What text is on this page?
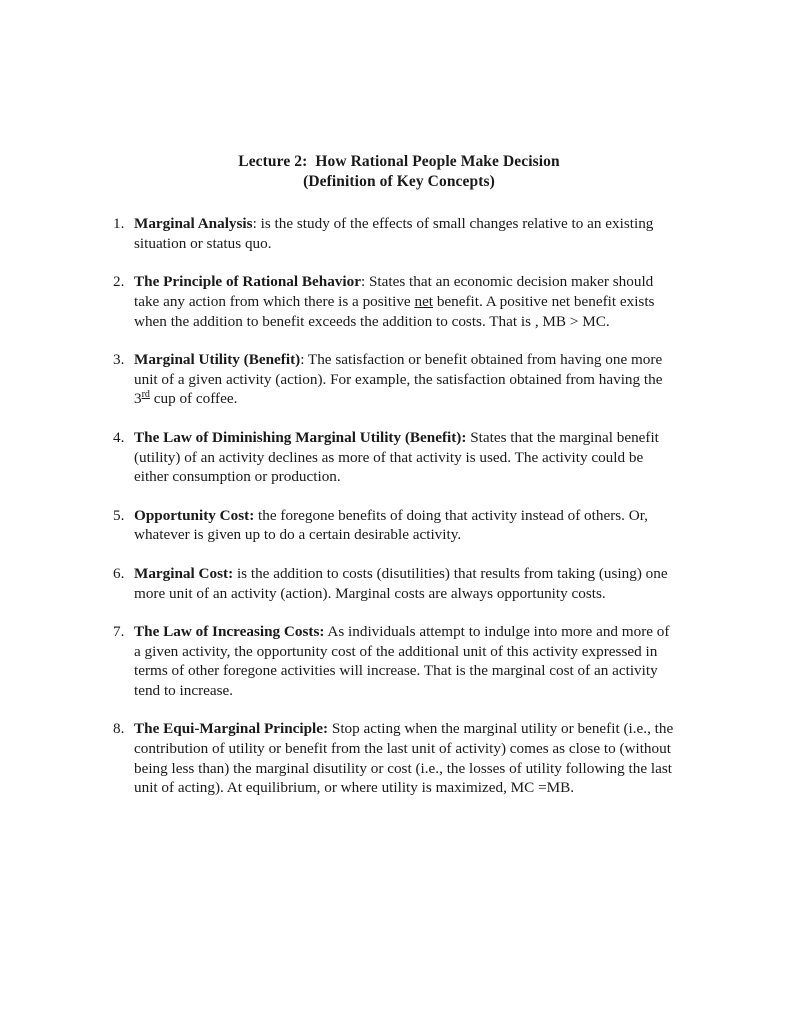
Lecture 2:  How Rational People Make Decision
(Definition of Key Concepts)
1. Marginal Analysis: is the study of the effects of small changes relative to an existing situation or status quo.
2. The Principle of Rational Behavior: States that an economic decision maker should take any action from which there is a positive net benefit. A positive net benefit exists when the addition to benefit exceeds the addition to costs. That is , MB > MC.
3. Marginal Utility (Benefit): The satisfaction or benefit obtained from having one more unit of a given activity (action). For example, the satisfaction obtained from having the 3rd cup of coffee.
4. The Law of Diminishing Marginal Utility (Benefit): States that the marginal benefit (utility) of an activity declines as more of that activity is used. The activity could be either consumption or production.
5. Opportunity Cost: the foregone benefits of doing that activity instead of others. Or, whatever is given up to do a certain desirable activity.
6. Marginal Cost: is the addition to costs (disutilities) that results from taking (using) one more unit of an activity (action). Marginal costs are always opportunity costs.
7. The Law of Increasing Costs: As individuals attempt to indulge into more and more of a given activity, the opportunity cost of the additional unit of this activity expressed in terms of other foregone activities will increase. That is the marginal cost of an activity tend to increase.
8. The Equi-Marginal Principle: Stop acting when the marginal utility or benefit (i.e., the contribution of utility or benefit from the last unit of activity) comes as close to (without being less than) the marginal disutility or cost (i.e., the losses of utility following the last unit of acting). At equilibrium, or where utility is maximized, MC =MB.
